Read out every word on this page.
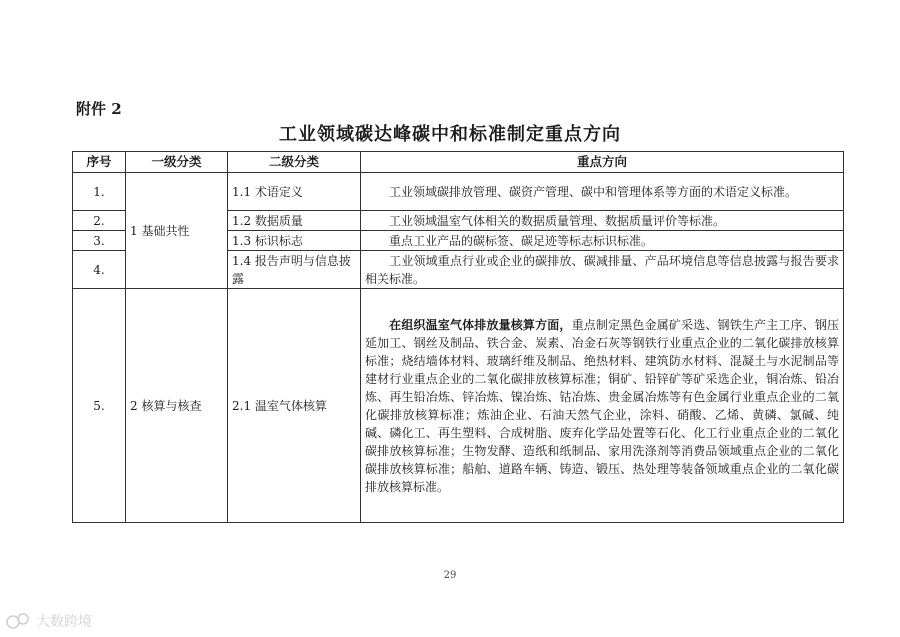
附件 2
工业领域碳达峰碳中和标准制定重点方向
序号	一级分类	二级分类	重点方向
1.	1 基础共性	1.1 术语定义	工业领域碳排放管理、碳资产管理、碳中和管理体系等方面的术语定义标准。
2.		1.2 数据质量	工业领域温室气体相关的数据质量管理、数据质量评价等标准。
3.		1.3 标识标志	重点工业产品的碳标签、碳足迹等标志标识标准。
4.		1.4 报告声明与信息披露	工业领域重点行业或企业的碳排放、碳减排量、产品环境信息等信息披露与报告要求相关标准。
5.	2 核算与核查	2.1 温室气体核算	在组织温室气体排放量核算方面，重点制定黑色金属矿采选、钢铁生产主工序、钢压延加工、钢丝及制品、铁合金、炭素、冶金石灰等钢铁行业重点企业的二氧化碳排放核算标准；烧结墙体材料、玻璃纤维及制品、绝热材料、建筑防水材料、混凝土与水泥制品等建材行业重点企业的二氧化碳排放核算标准；铜矿、铅锌矿等矿采选企业，铜冶炼、铅冶炼、再生铅冶炼、锌冶炼、镍冶炼、钴冶炼、贵金属冶炼等有色金属行业重点企业的二氧化碳排放核算标准；炼油企业、石油天然气企业，涂料、硝酸、乙烯、黄磷、氯碱、纯碱、磷化工、再生塑料、合成树脂、废弃化学品处置等石化、化工行业重点企业的二氧化碳排放核算标准；生物发酵、造纸和纸制品、家用洗涤剂等消费品领域重点企业的二氧化碳排放核算标准；船舶、道路车辆、铸造、锻压、热处理等装备领域重点企业的二氧化碳排放核算标准。
29
大数跨境
